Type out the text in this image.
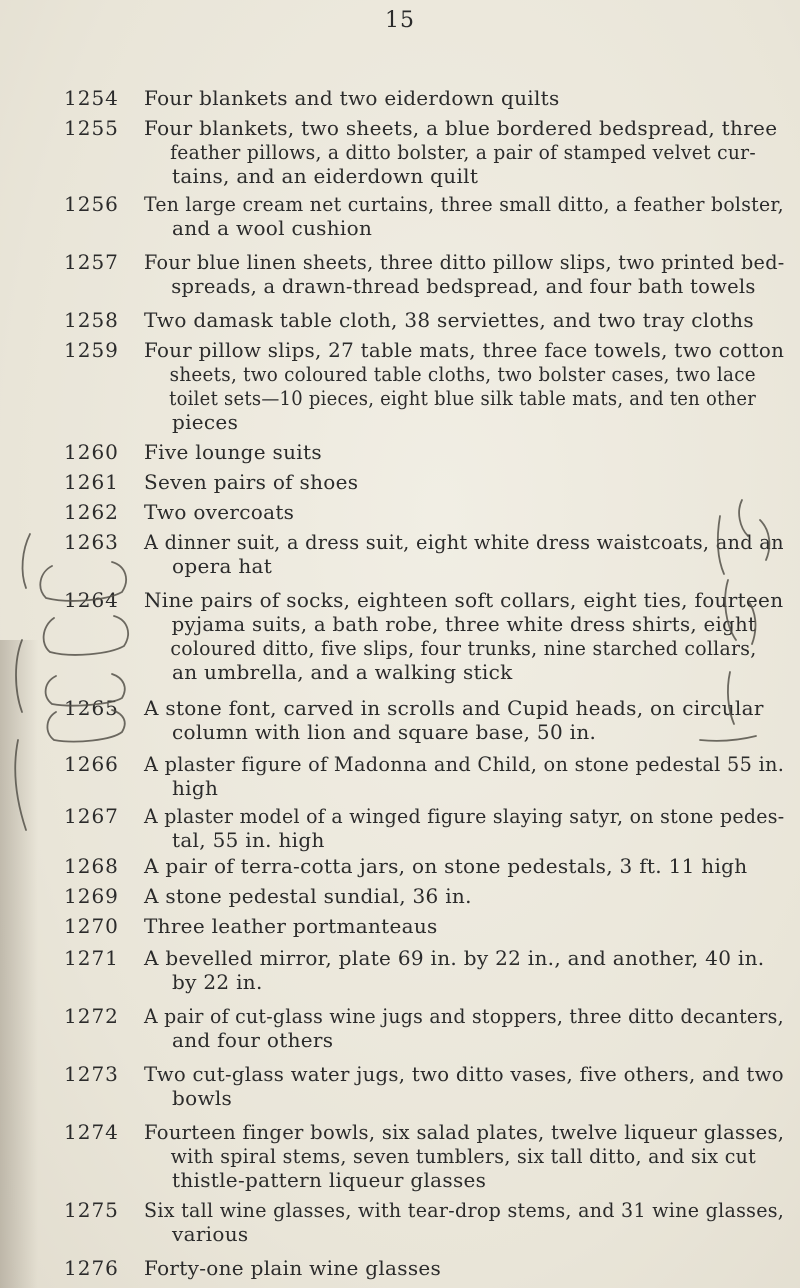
15
1254	Four blankets and two eiderdown quilts
1255	Four blankets, two sheets, a blue bordered bedspread, three
feather pillows, a ditto bolster, a pair of stamped velvet cur-
tains, and an eiderdown quilt
1256	Ten large cream net curtains, three small ditto, a feather bolster,
and a wool cushion
1257	Four blue linen sheets, three ditto pillow slips, two printed bed-
spreads, a drawn-thread bedspread, and four bath towels
1258	Two damask table cloth, 38 serviettes, and two tray cloths
1259	Four pillow slips, 27 table mats, three face towels, two cotton
sheets, two coloured table cloths, two bolster cases, two lace
toilet sets—10 pieces, eight blue silk table mats, and ten other
pieces
1260	Five lounge suits
1261	Seven pairs of shoes
1262	Two overcoats
1263	A dinner suit, a dress suit, eight white dress waistcoats, and an
opera hat
1264	Nine pairs of socks, eighteen soft collars, eight ties, fourteen
pyjama suits, a bath robe, three white dress shirts, eight
coloured ditto, five slips, four trunks, nine starched collars,
an umbrella, and a walking stick
1265	A stone font, carved in scrolls and Cupid heads, on circular
column with lion and square base, 50 in.
1266	A plaster figure of Madonna and Child, on stone pedestal 55 in.
high
1267	A plaster model of a winged figure slaying satyr, on stone pedes-
tal, 55 in. high
1268	A pair of terra-cotta jars, on stone pedestals, 3 ft. 11 high
1269	A stone pedestal sundial, 36 in.
1270	Three leather portmanteaus
1271	A bevelled mirror, plate 69 in. by 22 in., and another, 40 in.
by 22 in.
1272	A pair of cut-glass wine jugs and stoppers, three ditto decanters,
and four others
1273	Two cut-glass water jugs, two ditto vases, five others, and two
bowls
1274	Fourteen finger bowls, six salad plates, twelve liqueur glasses,
with spiral stems, seven tumblers, six tall ditto, and six cut
thistle-pattern liqueur glasses
1275	Six tall wine glasses, with tear-drop stems, and 31 wine glasses,
various
1276	Forty-one plain wine glasses
